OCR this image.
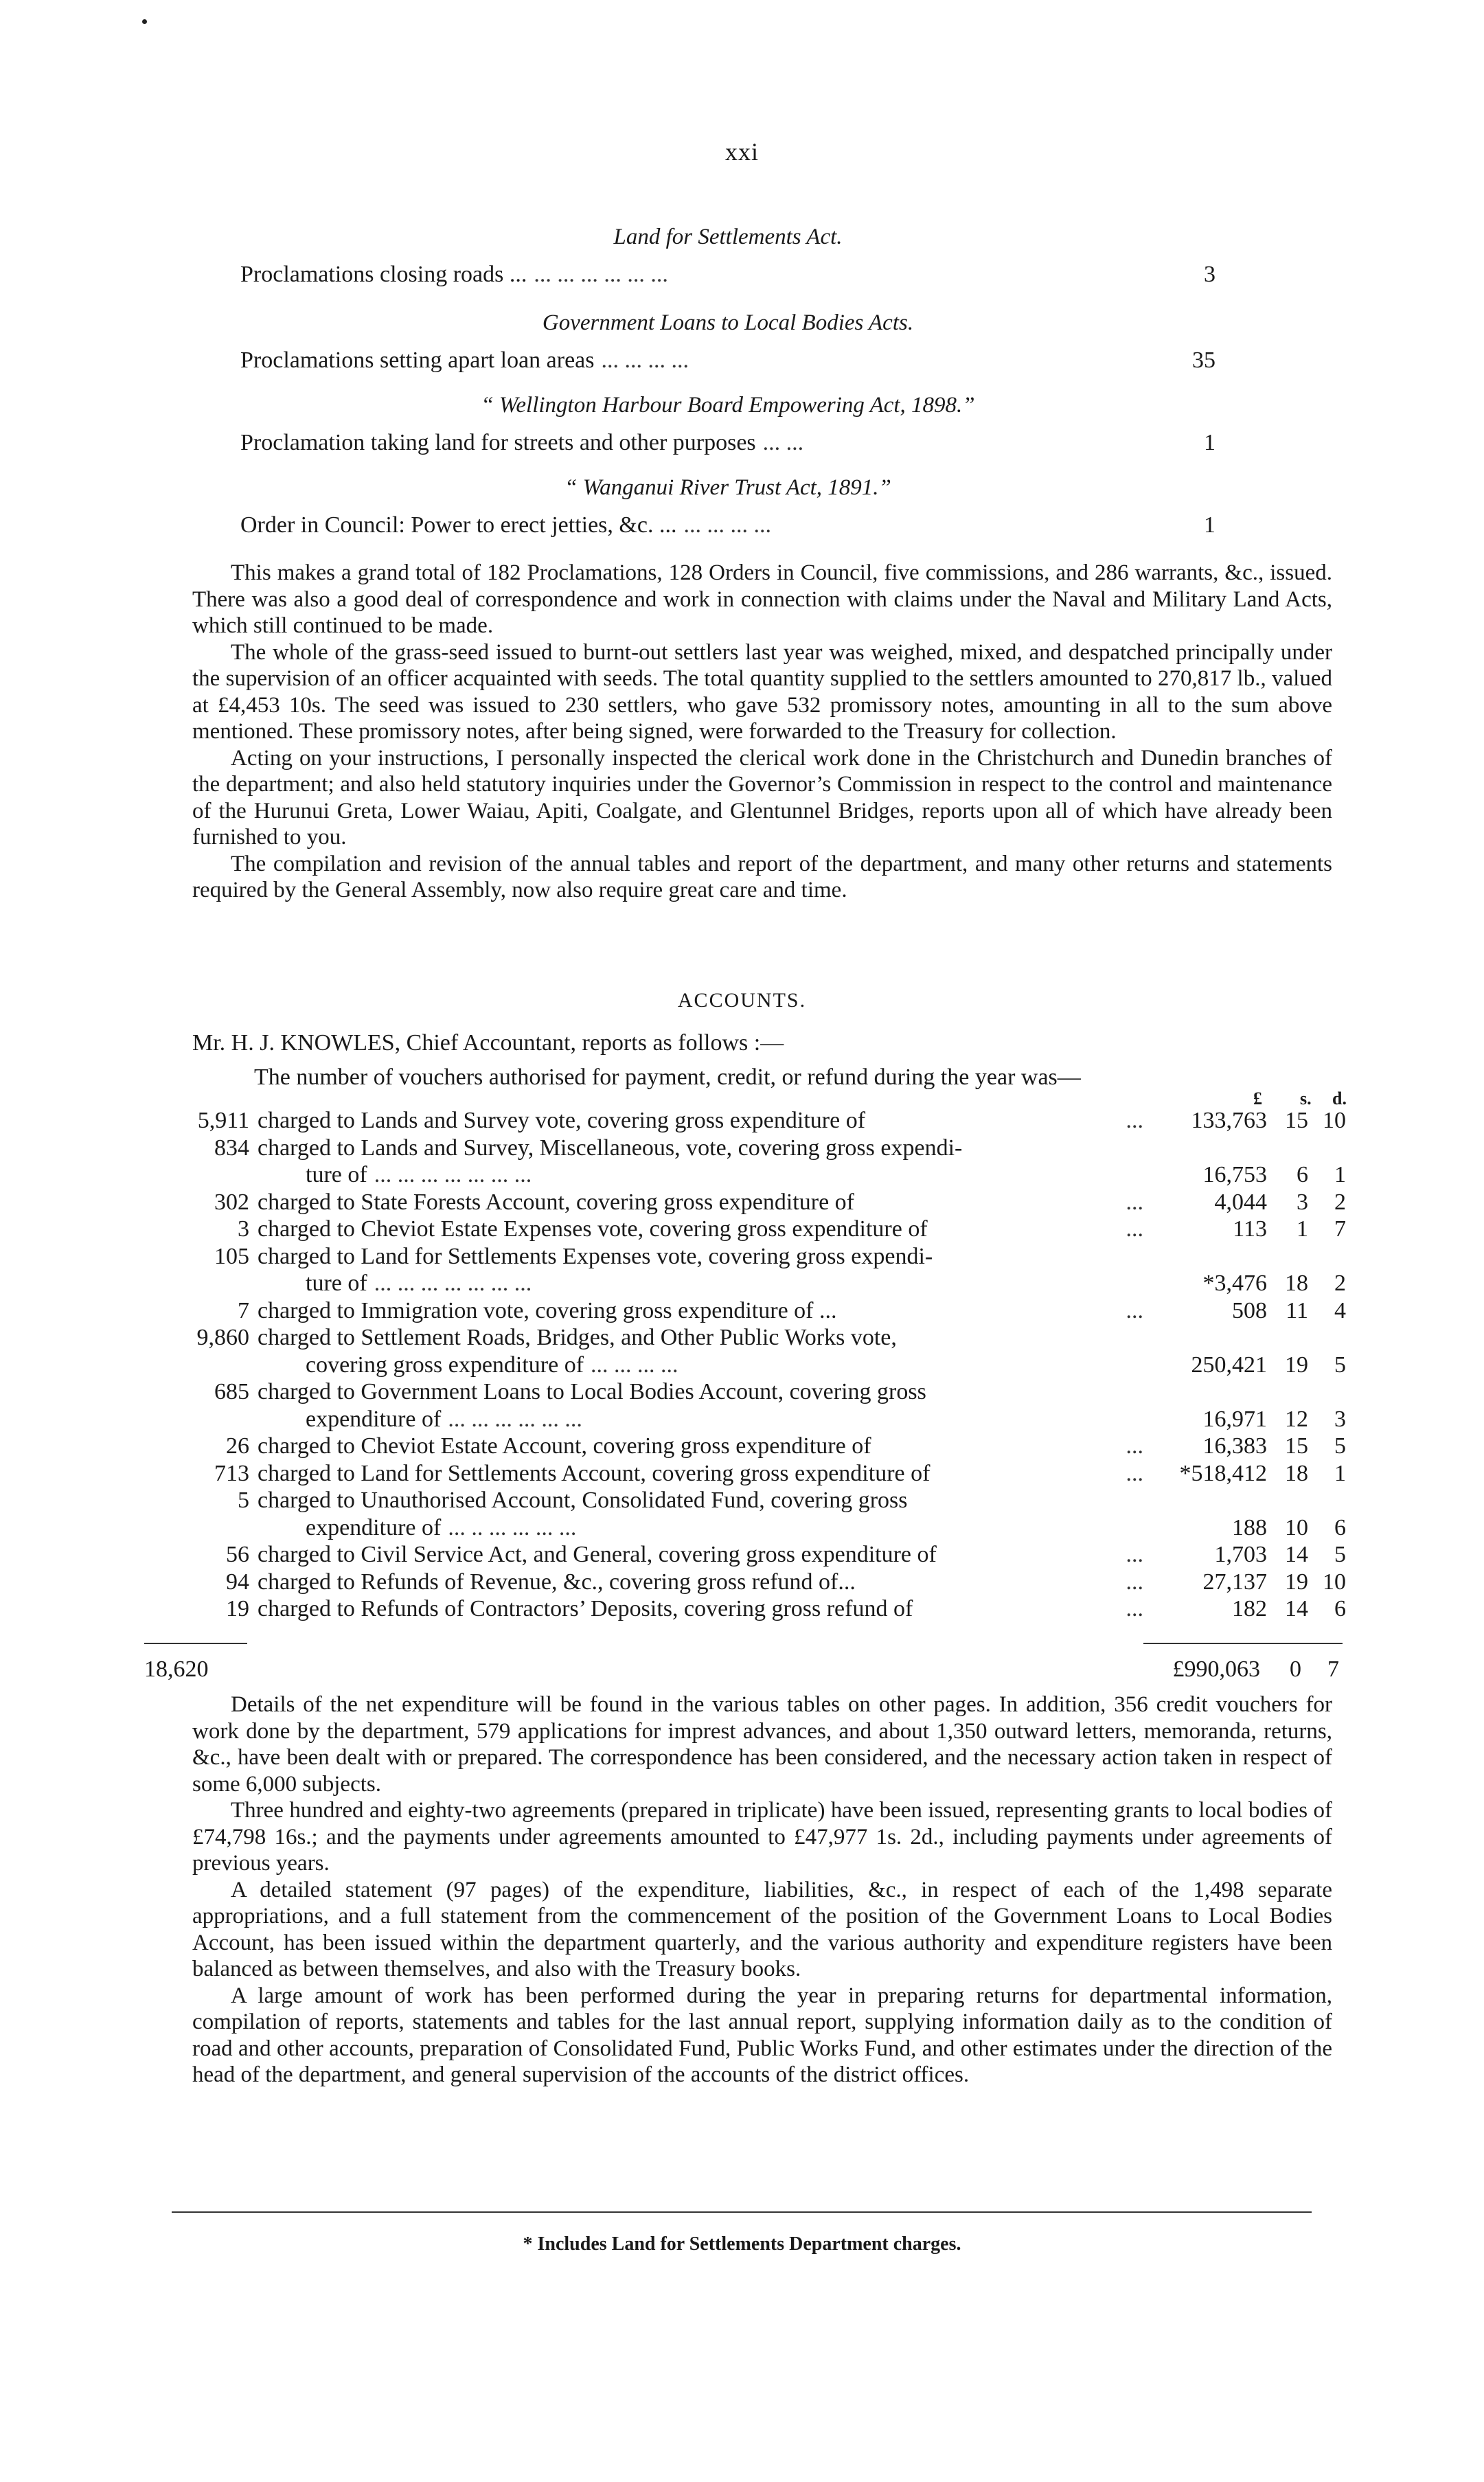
xxi
Land for Settlements Act.
Proclamations closing roads ... ... ... ... ... ... ...	3
Government Loans to Local Bodies Acts.
Proclamations setting apart loan areas ... ... ... ...	35
“ Wellington Harbour Board Empowering Act, 1898.”
Proclamation taking land for streets and other purposes ... ...	1
“ Wanganui River Trust Act, 1891.”
Order in Council: Power to erect jetties, &c. ... ... ... ... ...	1

This makes a grand total of 182 Proclamations, 128 Orders in Council, five commissions, and 286 warrants, &c., issued. There was also a good deal of correspondence and work in connection with claims under the Naval and Military Land Acts, which still continued to be made.

The whole of the grass-seed issued to burnt-out settlers last year was weighed, mixed, and despatched principally under the supervision of an officer acquainted with seeds. The total quantity supplied to the settlers amounted to 270,817 lb., valued at £4,453 10s. The seed was issued to 230 settlers, who gave 532 promissory notes, amounting in all to the sum above mentioned. These promissory notes, after being signed, were forwarded to the Treasury for collection.

Acting on your instructions, I personally inspected the clerical work done in the Christchurch and Dunedin branches of the department; and also held statutory inquiries under the Governor’s Commission in respect to the control and maintenance of the Hurunui Greta, Lower Waiau, Apiti, Coalgate, and Glentunnel Bridges, reports upon all of which have already been furnished to you.

The compilation and revision of the annual tables and report of the department, and many other returns and statements required by the General Assembly, now also require great care and time.

ACCOUNTS.
Mr. H. J. KNOWLES, Chief Accountant, reports as follows :—
The number of vouchers authorised for payment, credit, or refund during the year was—
£ s. d.
5,911 charged to Lands and Survey vote, covering gross expenditure of	...	133,763 15 10
834 charged to Lands and Survey, Miscellaneous, vote, covering gross expendi-
ture of ... ... ... ... ... ... ...	16,753	6	1
302 charged to State Forests Account, covering gross expenditure of	...	4,044	3	2
3 charged to Cheviot Estate Expenses vote, covering gross expenditure of	...	113	1	7
105 charged to Land for Settlements Expenses vote, covering gross expendi-
ture of ... ... ... ... ... ... ...	*3,476 18	2
7 charged to Immigration vote, covering gross expenditure of ...	...	508 11	4
9,860 charged to Settlement Roads, Bridges, and Other Public Works vote,
covering gross expenditure of ... ... ... ...	250,421 19	5
685 charged to Government Loans to Local Bodies Account, covering gross
expenditure of ... ... ... ... ... ...	16,971 12	3
26 charged to Cheviot Estate Account, covering gross expenditure of	...	16,383 15	5
713 charged to Land for Settlements Account, covering gross expenditure of	...	*518,412 18	1
5 charged to Unauthorised Account, Consolidated Fund, covering gross
expenditure of ... .. ... ... ... ...	188 10	6
56 charged to Civil Service Act, and General, covering gross expenditure of	...	1,703 14	5
94 charged to Refunds of Revenue, &c., covering gross refund of...	...	27,137 19 10
19 charged to Refunds of Contractors’ Deposits, covering gross refund of	...	182 14	6
18,620	£990,063	0	7

Details of the net expenditure will be found in the various tables on other pages. In addition, 356 credit vouchers for work done by the department, 579 applications for imprest advances, and about 1,350 outward letters, memoranda, returns, &c., have been dealt with or prepared. The correspondence has been considered, and the necessary action taken in respect of some 6,000 subjects.

Three hundred and eighty-two agreements (prepared in triplicate) have been issued, representing grants to local bodies of £74,798 16s.; and the payments under agreements amounted to £47,977 1s. 2d., including payments under agreements of previous years.

A detailed statement (97 pages) of the expenditure, liabilities, &c., in respect of each of the 1,498 separate appropriations, and a full statement from the commencement of the position of the Government Loans to Local Bodies Account, has been issued within the department quarterly, and the various authority and expenditure registers have been balanced as between themselves, and also with the Treasury books.

A large amount of work has been performed during the year in preparing returns for departmental information, compilation of reports, statements and tables for the last annual report, supplying information daily as to the condition of road and other accounts, preparation of Consolidated Fund, Public Works Fund, and other estimates under the direction of the head of the department, and general supervision of the accounts of the district offices.

* Includes Land for Settlements Department charges.
